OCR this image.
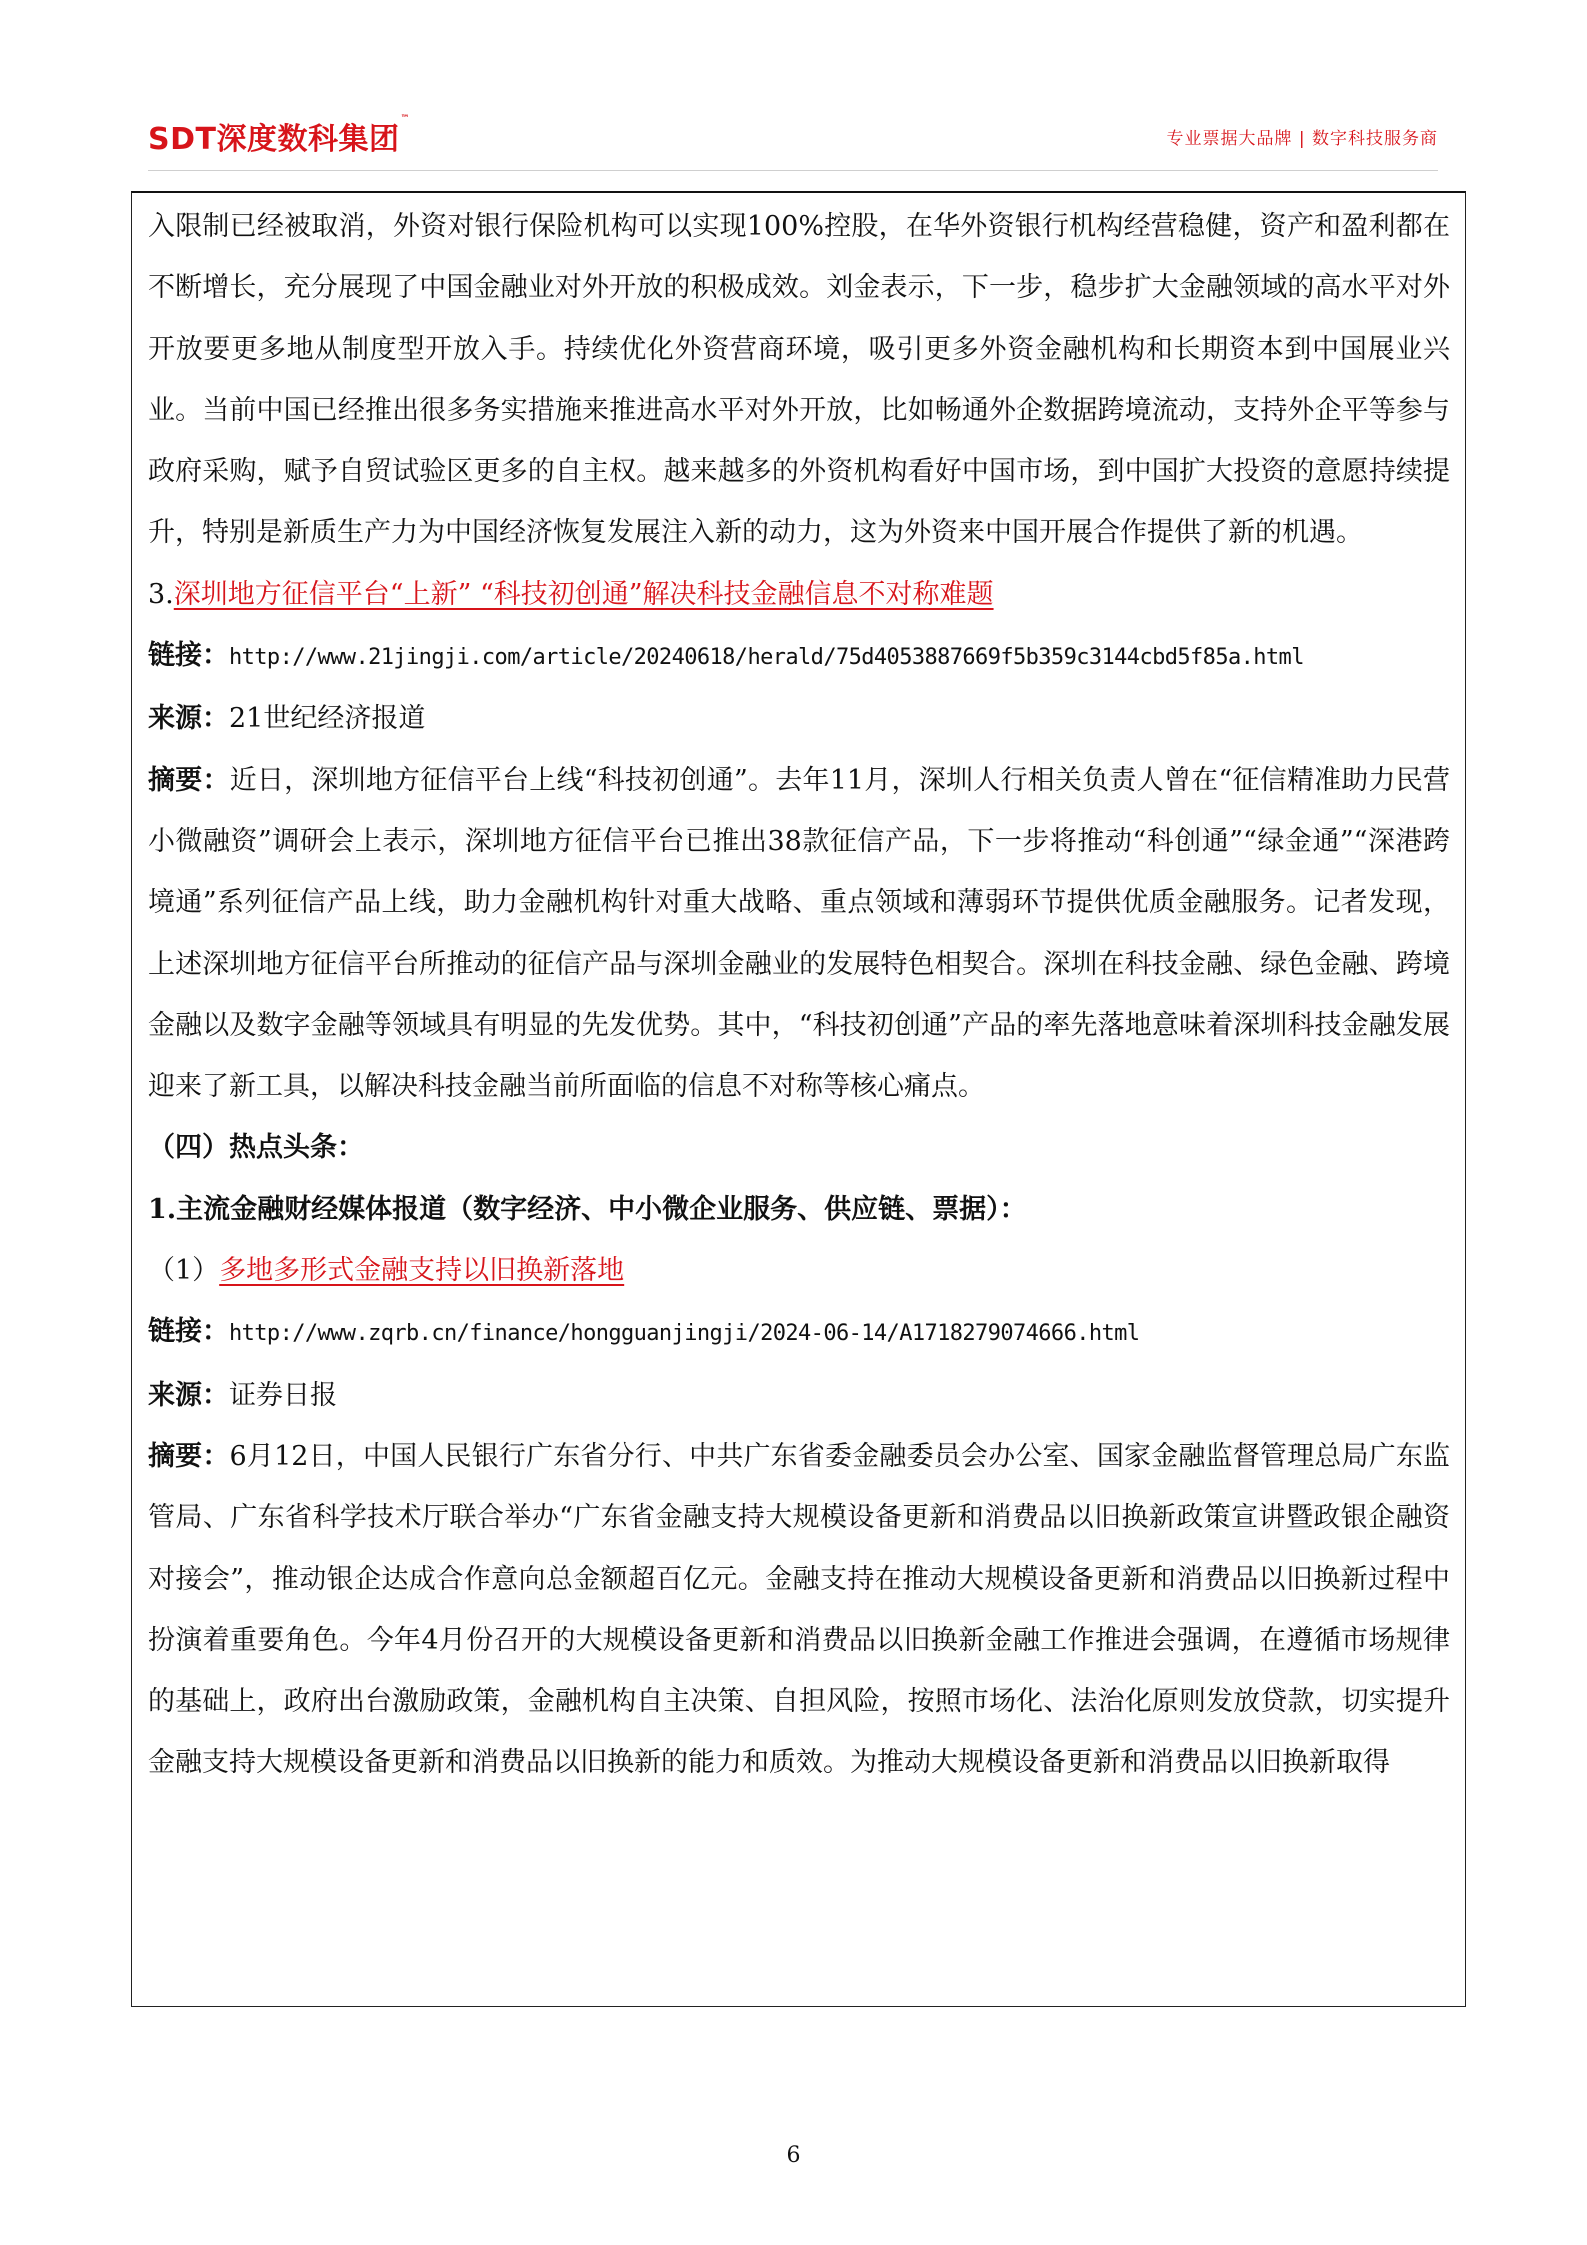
SDT深度数科集团™
专业票据大品牌 | 数字科技服务商

入限制已经被取消，外资对银行保险机构可以实现100%控股，在华外资银行机构经营稳健，资产和盈利都在不断增长，充分展现了中国金融业对外开放的积极成效。刘金表示，下一步，稳步扩大金融领域的高水平对外开放要更多地从制度型开放入手。持续优化外资营商环境，吸引更多外资金融机构和长期资本到中国展业兴业。当前中国已经推出很多务实措施来推进高水平对外开放，比如畅通外企数据跨境流动，支持外企平等参与政府采购，赋予自贸试验区更多的自主权。越来越多的外资机构看好中国市场，到中国扩大投资的意愿持续提升，特别是新质生产力为中国经济恢复发展注入新的动力，这为外资来中国开展合作提供了新的机遇。

3.深圳地方征信平台“上新” “科技初创通”解决科技金融信息不对称难题

链接：http://www.21jingji.com/article/20240618/herald/75d4053887669f5b359c3144cbd5f85a.html

来源：21世纪经济报道

摘要：近日，深圳地方征信平台上线“科技初创通”。去年11月，深圳人行相关负责人曾在“征信精准助力民营小微融资”调研会上表示，深圳地方征信平台已推出38款征信产品，下一步将推动“科创通”“绿金通”“深港跨境通”系列征信产品上线，助力金融机构针对重大战略、重点领域和薄弱环节提供优质金融服务。记者发现，上述深圳地方征信平台所推动的征信产品与深圳金融业的发展特色相契合。深圳在科技金融、绿色金融、跨境金融以及数字金融等领域具有明显的先发优势。其中，“科技初创通”产品的率先落地意味着深圳科技金融发展迎来了新工具，以解决科技金融当前所面临的信息不对称等核心痛点。

（四）热点头条：

1.主流金融财经媒体报道（数字经济、中小微企业服务、供应链、票据）：

（1）多地多形式金融支持以旧换新落地

链接：http://www.zqrb.cn/finance/hongguanjingji/2024-06-14/A1718279074666.html

来源：证券日报

摘要：6月12日，中国人民银行广东省分行、中共广东省委金融委员会办公室、国家金融监督管理总局广东监管局、广东省科学技术厅联合举办“广东省金融支持大规模设备更新和消费品以旧换新政策宣讲暨政银企融资对接会”，推动银企达成合作意向总金额超百亿元。金融支持在推动大规模设备更新和消费品以旧换新过程中扮演着重要角色。今年4月份召开的大规模设备更新和消费品以旧换新金融工作推进会强调，在遵循市场规律的基础上，政府出台激励政策，金融机构自主决策、自担风险，按照市场化、法治化原则发放贷款，切实提升金融支持大规模设备更新和消费品以旧换新的能力和质效。为推动大规模设备更新和消费品以旧换新取得

6
